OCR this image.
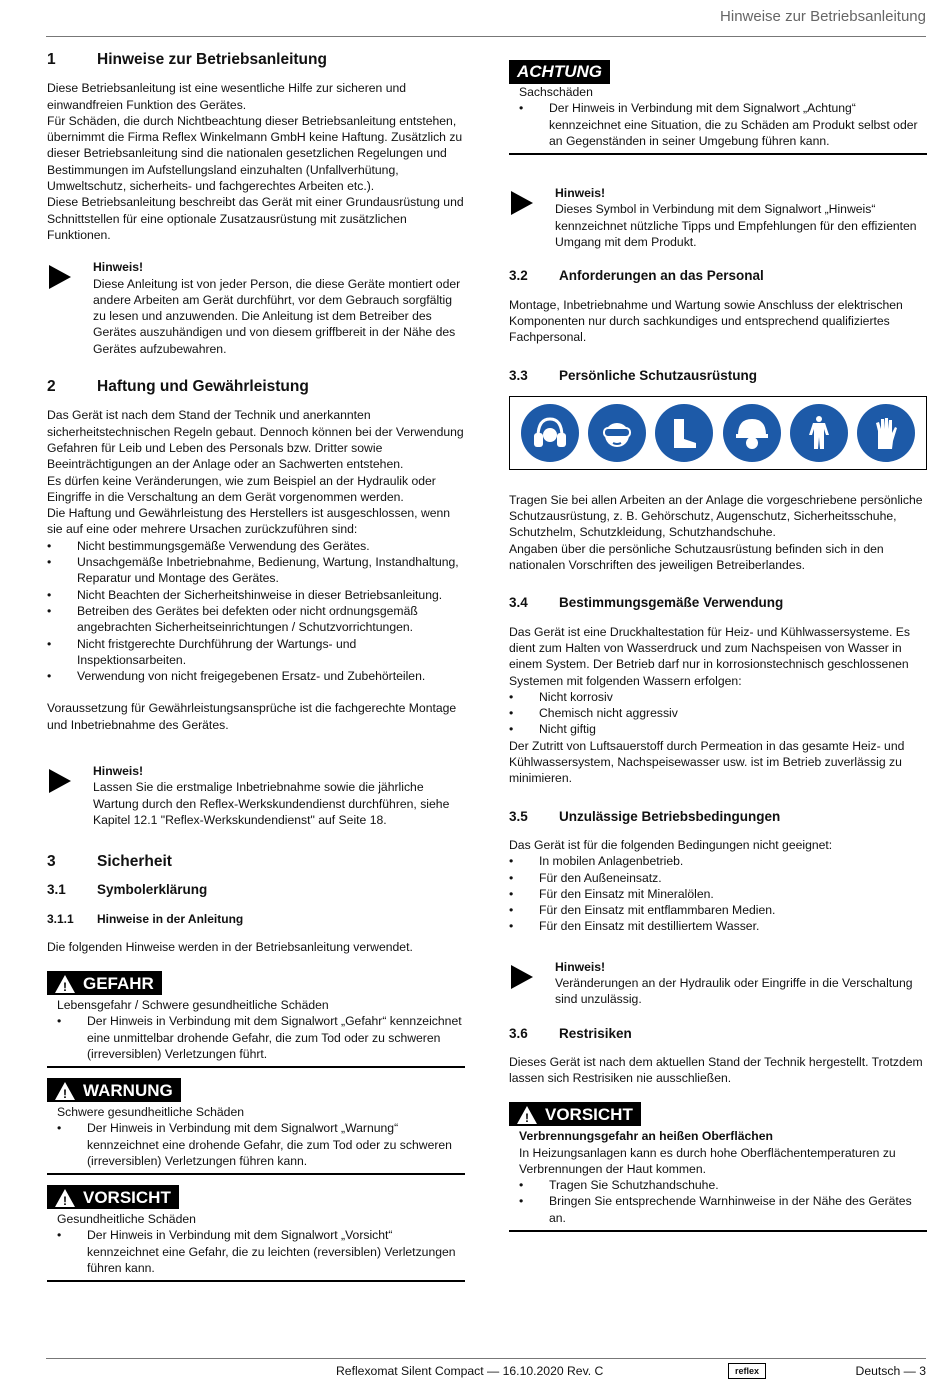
Hinweise zur Betriebsanleitung
1	Hinweise zur Betriebsanleitung

Diese Betriebsanleitung ist eine wesentliche Hilfe zur sicheren und einwandfreien Funktion des Gerätes.

Für Schäden, die durch Nichtbeachtung dieser Betriebsanleitung entstehen, übernimmt die Firma Reflex Winkelmann GmbH keine Haftung. Zusätzlich zu dieser Betriebsanleitung sind die nationalen gesetzlichen Regelungen und Bestimmungen im Aufstellungsland einzuhalten (Unfallverhütung, Umweltschutz, sicherheits- und fachgerechtes Arbeiten etc.).

Diese Betriebsanleitung beschreibt das Gerät mit einer Grundausrüstung und Schnittstellen für eine optionale Zusatzausrüstung mit zusätzlichen Funktionen.

Hinweis!
Diese Anleitung ist von jeder Person, die diese Geräte montiert oder andere Arbeiten am Gerät durchführt, vor dem Gebrauch sorgfältig zu lesen und anzuwenden. Die Anleitung ist dem Betreiber des Gerätes auszuhändigen und von diesem griffbereit in der Nähe des Gerätes aufzubewahren.
2	Haftung und Gewährleistung

Das Gerät ist nach dem Stand der Technik und anerkannten sicherheitstechnischen Regeln gebaut. Dennoch können bei der Verwendung Gefahren für Leib und Leben des Personals bzw. Dritter sowie Beeinträchtigungen an der Anlage oder an Sachwerten entstehen.

Es dürfen keine Veränderungen, wie zum Beispiel an der Hydraulik oder Eingriffe in die Verschaltung an dem Gerät vorgenommen werden.

Die Haftung und Gewährleistung des Herstellers ist ausgeschlossen, wenn sie auf eine oder mehrere Ursachen zurückzuführen sind:

• Nicht bestimmungsgemäße Verwendung des Gerätes.
• Unsachgemäße Inbetriebnahme, Bedienung, Wartung, Instandhaltung, Reparatur und Montage des Gerätes.
• Nicht Beachten der Sicherheitshinweise in dieser Betriebsanleitung.
• Betreiben des Gerätes bei defekten oder nicht ordnungsgemäß angebrachten Sicherheitseinrichtungen / Schutzvorrichtungen.
• Nicht fristgerechte Durchführung der Wartungs- und Inspektionsarbeiten.
• Verwendung von nicht freigegebenen Ersatz- und Zubehörteilen.

Voraussetzung für Gewährleistungsansprüche ist die fachgerechte Montage und Inbetriebnahme des Gerätes.

Hinweis!
Lassen Sie die erstmalige Inbetriebnahme sowie die jährliche Wartung durch den Reflex-Werkskundendienst durchführen, siehe Kapitel 12.1 "Reflex-Werkskundendienst" auf Seite 18.
3	Sicherheit
3.1	Symbolerklärung
3.1.1	Hinweise in der Anleitung

Die folgenden Hinweise werden in der Betriebsanleitung verwendet.

! GEFAHR
Lebensgefahr / Schwere gesundheitliche Schäden
• Der Hinweis in Verbindung mit dem Signalwort „Gefahr“ kennzeichnet eine unmittelbar drohende Gefahr, die zum Tod oder zu schweren (irreversiblen) Verletzungen führt.
! WARNUNG
Schwere gesundheitliche Schäden
• Der Hinweis in Verbindung mit dem Signalwort „Warnung“ kennzeichnet eine drohende Gefahr, die zum Tod oder zu schweren (irreversiblen) Verletzungen führen kann.
! VORSICHT
Gesundheitliche Schäden
• Der Hinweis in Verbindung mit dem Signalwort „Vorsicht“ kennzeichnet eine Gefahr, die zu leichten (reversiblen) Verletzungen führen kann.
ACHTUNG
Sachschäden
• Der Hinweis in Verbindung mit dem Signalwort „Achtung“ kennzeichnet eine Situation, die zu Schäden am Produkt selbst oder an Gegenständen in seiner Umgebung führen kann.
Hinweis!
Dieses Symbol in Verbindung mit dem Signalwort „Hinweis“ kennzeichnet nützliche Tipps und Empfehlungen für den effizienten Umgang mit dem Produkt.
3.2	Anforderungen an das Personal

Montage, Inbetriebnahme und Wartung sowie Anschluss der elektrischen Komponenten nur durch sachkundiges und entsprechend qualifiziertes Fachpersonal.

3.3	Persönliche Schutzausrüstung

Tragen Sie bei allen Arbeiten an der Anlage die vorgeschriebene persönliche Schutzausrüstung, z. B. Gehörschutz, Augenschutz, Sicherheitsschuhe, Schutzhelm, Schutzkleidung, Schutzhandschuhe.

Angaben über die persönliche Schutzausrüstung befinden sich in den nationalen Vorschriften des jeweiligen Betreiberlandes.

3.4	Bestimmungsgemäße Verwendung

Das Gerät ist eine Druckhaltestation für Heiz- und Kühlwassersysteme. Es dient zum Halten von Wasserdruck und zum Nachspeisen von Wasser in einem System. Der Betrieb darf nur in korrosionstechnisch geschlossenen Systemen mit folgenden Wassern erfolgen:

• Nicht korrosiv
• Chemisch nicht aggressiv
• Nicht giftig

Der Zutritt von Luftsauerstoff durch Permeation in das gesamte Heiz- und Kühlwassersystem, Nachspeisewasser usw. ist im Betrieb zuverlässig zu minimieren.

3.5	Unzulässige Betriebsbedingungen

Das Gerät ist für die folgenden Bedingungen nicht geeignet:

• In mobilen Anlagenbetrieb.
• Für den Außeneinsatz.
• Für den Einsatz mit Mineralölen.
• Für den Einsatz mit entflammbaren Medien.
• Für den Einsatz mit destilliertem Wasser.
Hinweis!
Veränderungen an der Hydraulik oder Eingriffe in die Verschaltung sind unzulässig.
3.6	Restrisiken

Dieses Gerät ist nach dem aktuellen Stand der Technik hergestellt. Trotzdem lassen sich Restrisiken nie ausschließen.

! VORSICHT
Verbrennungsgefahr an heißen Oberflächen
In Heizungsanlagen kann es durch hohe Oberflächentemperaturen zu Verbrennungen der Haut kommen.
• Tragen Sie Schutzhandschuhe.
• Bringen Sie entsprechende Warnhinweise in der Nähe des Gerätes an.
Reflexomat Silent Compact — 16.10.2020 Rev. C	reflex	Deutsch — 3
